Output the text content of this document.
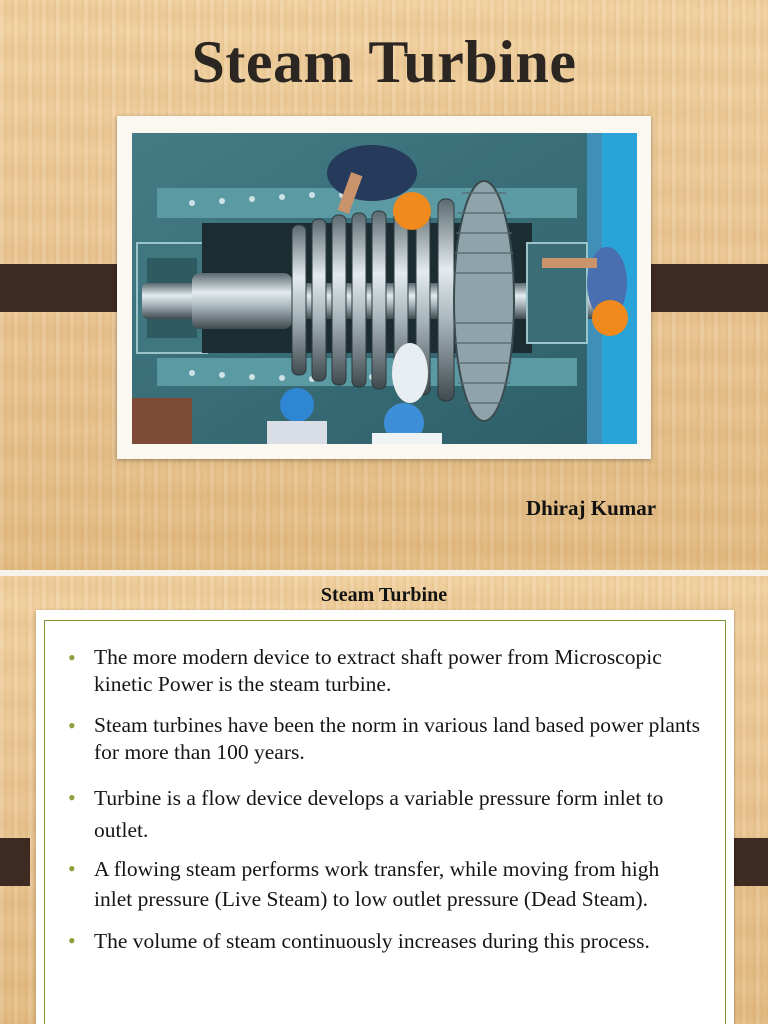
Steam Turbine
Dhiraj Kumar
Steam Turbine
• The more modern device to extract shaft power from Microscopic kinetic Power is the steam turbine.
• Steam turbines have been the norm in various land based power plants for more than 100 years.
• Turbine is a flow device develops a variable pressure form inlet to outlet.
• A flowing steam performs work transfer, while moving from high inlet pressure (Live Steam) to low outlet pressure (Dead Steam).
• The volume of steam continuously increases during this process.
